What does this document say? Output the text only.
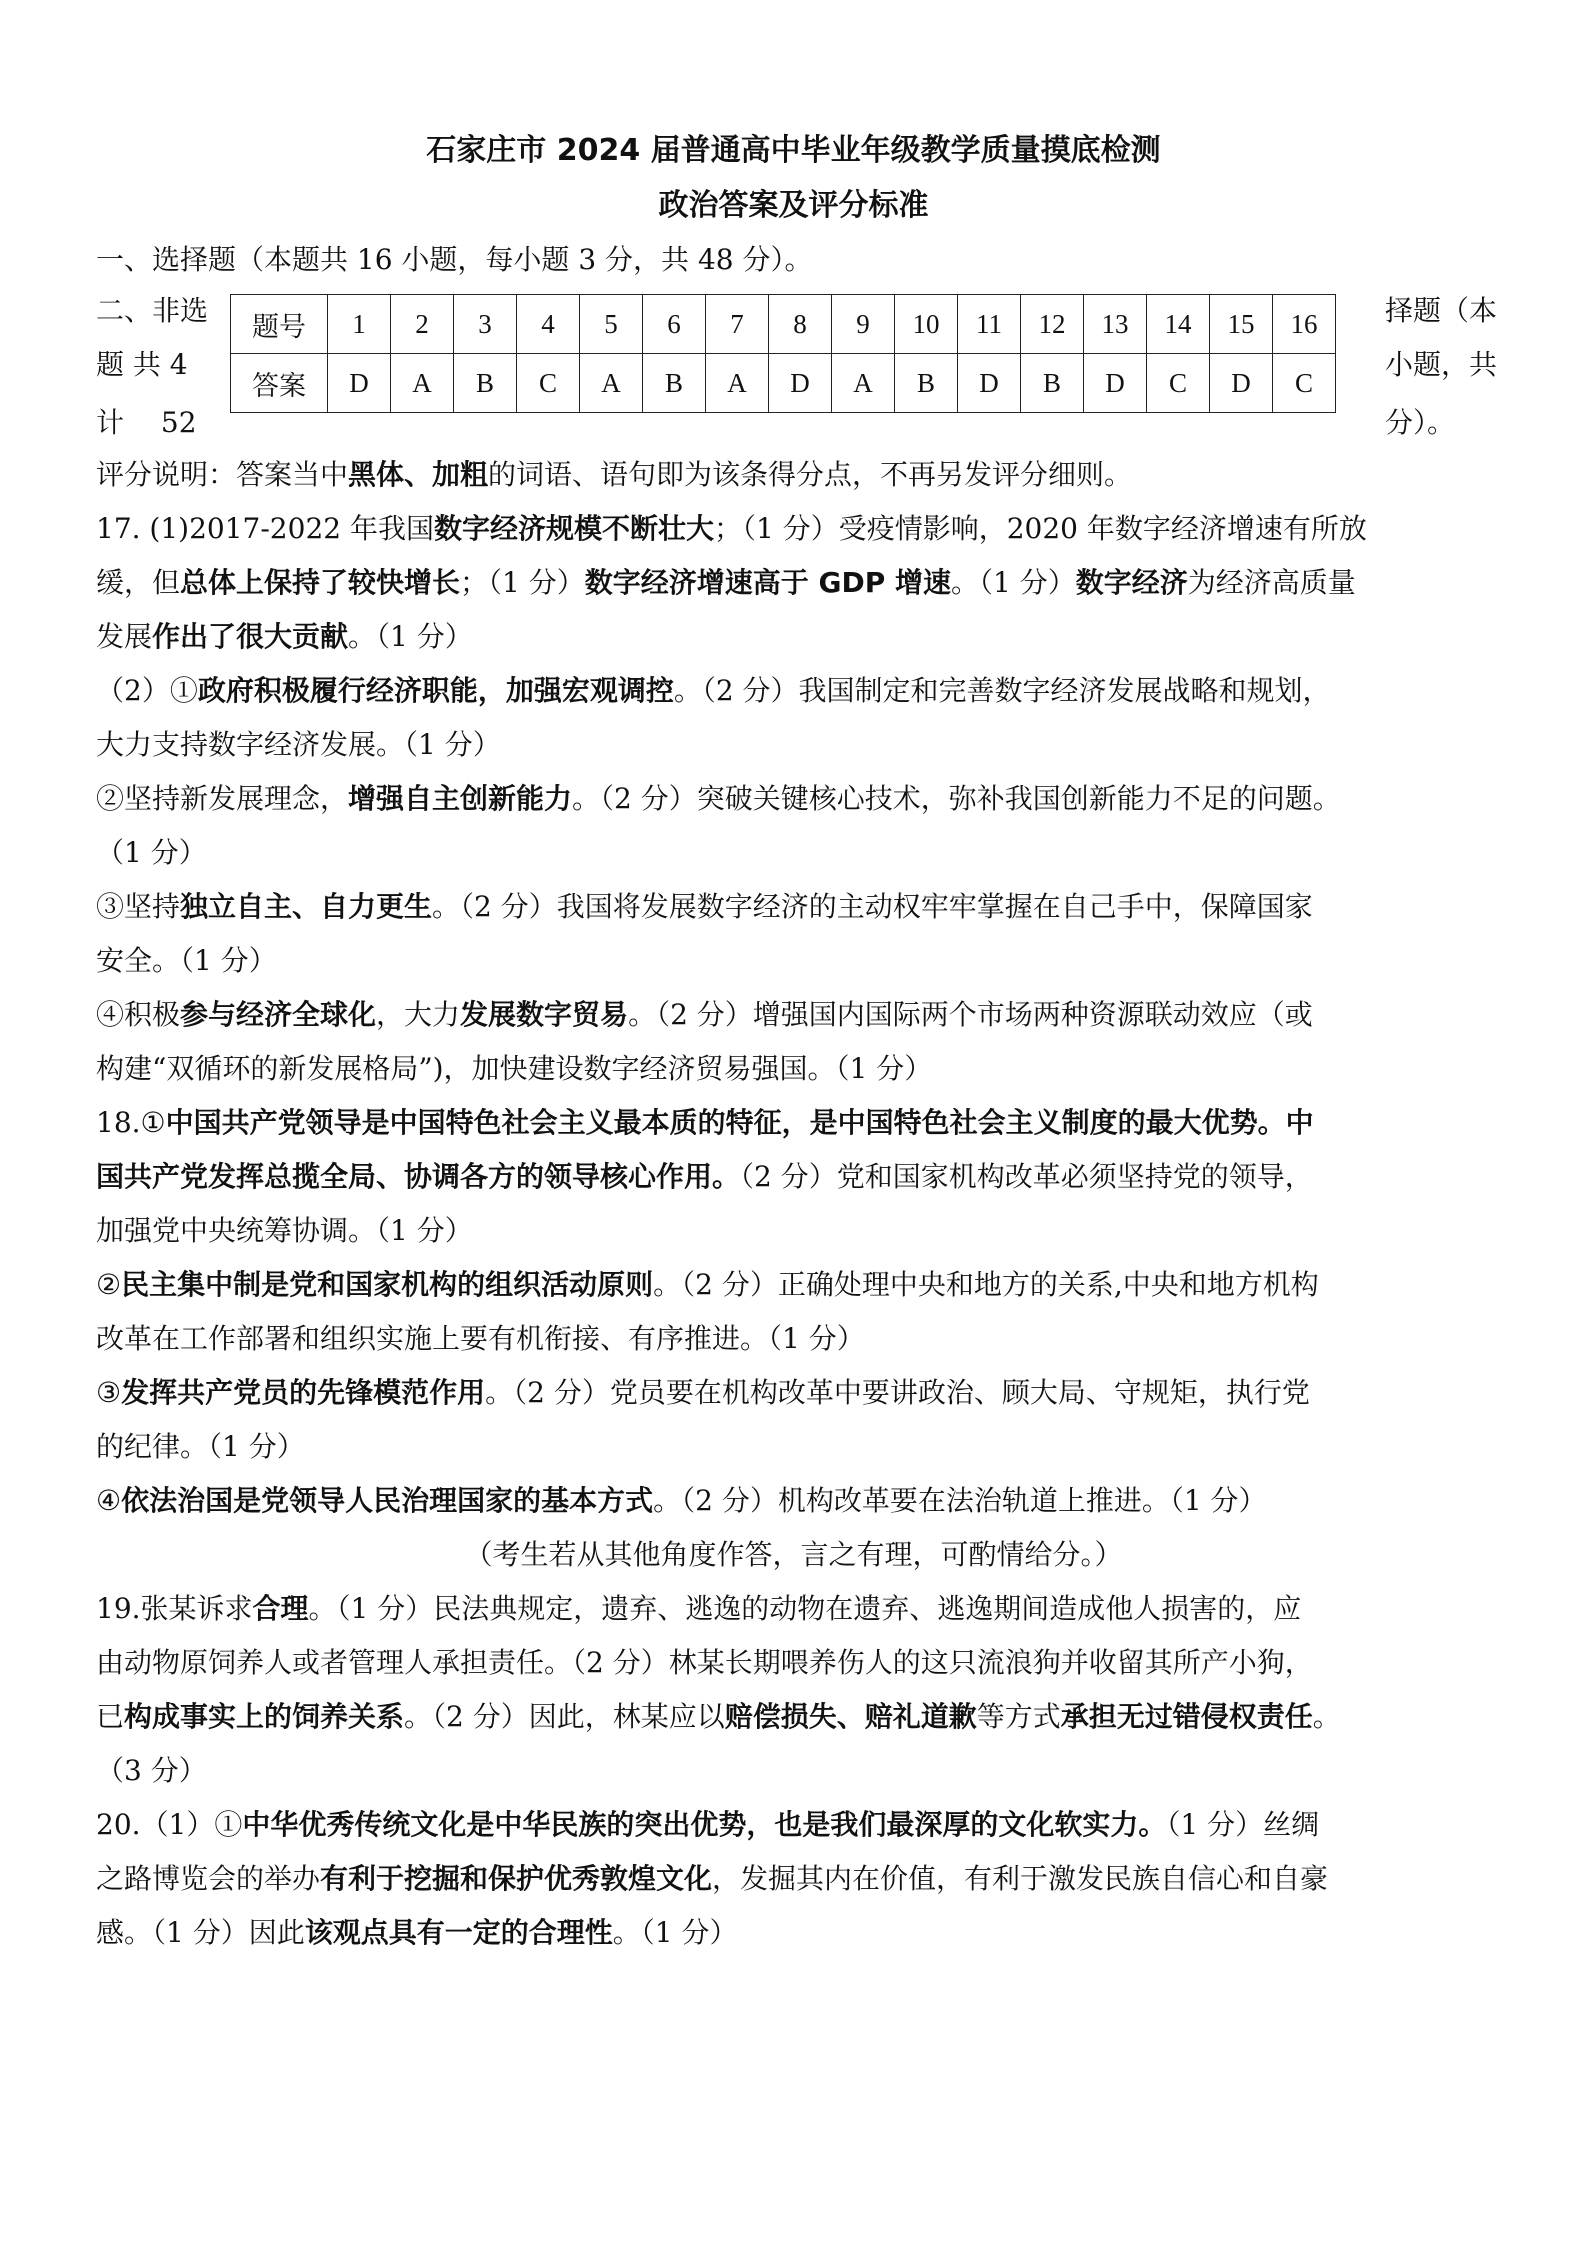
石家庄市 2024 届普通高中毕业年级教学质量摸底检测
政治答案及评分标准
一、选择题（本题共 16 小题，每小题 3 分，共 48 分）。
二、非选
题 共 4
计　 52
择题（本
小题，共
分）。
题号	1	2	3	4	5	6	7	8	9	10	11	12	13	14	15	16
答案	D	A	B	C	A	B	A	D	A	B	D	B	D	C	D	C
评分说明：答案当中黑体、加粗的词语、语句即为该条得分点，不再另发评分细则。
17. (1)2017-2022 年我国数字经济规模不断壮大；（1 分）受疫情影响，2020 年数字经济增速有所放
缓，但总体上保持了较快增长；（1 分）数字经济增速高于 GDP 增速。（1 分）数字经济为经济高质量
发展作出了很大贡献。（1 分）
（2）①政府积极履行经济职能，加强宏观调控。（2 分）我国制定和完善数字经济发展战略和规划，
大力支持数字经济发展。（1 分）
②坚持新发展理念，增强自主创新能力。（2 分）突破关键核心技术，弥补我国创新能力不足的问题。
（1 分）
③坚持独立自主、自力更生。（2 分）我国将发展数字经济的主动权牢牢掌握在自己手中，保障国家
安全。（1 分）
④积极参与经济全球化，大力发展数字贸易。（2 分）增强国内国际两个市场两种资源联动效应（或
构建“双循环的新发展格局”)，加快建设数字经济贸易强国。（1 分）
18.①中国共产党领导是中国特色社会主义最本质的特征，是中国特色社会主义制度的最大优势。中
国共产党发挥总揽全局、协调各方的领导核心作用。（2 分）党和国家机构改革必须坚持党的领导，
加强党中央统筹协调。（1 分）
②民主集中制是党和国家机构的组织活动原则。（2 分）正确处理中央和地方的关系,中央和地方机构
改革在工作部署和组织实施上要有机衔接、有序推进。（1 分）
③发挥共产党员的先锋模范作用。（2 分）党员要在机构改革中要讲政治、顾大局、守规矩，执行党
的纪律。（1 分）
④依法治国是党领导人民治理国家的基本方式。（2 分）机构改革要在法治轨道上推进。（1 分）
（考生若从其他角度作答，言之有理，可酌情给分。）
19.张某诉求合理。（1 分）民法典规定，遗弃、逃逸的动物在遗弃、逃逸期间造成他人损害的，应
由动物原饲养人或者管理人承担责任。（2 分）林某长期喂养伤人的这只流浪狗并收留其所产小狗，
已构成事实上的饲养关系。（2 分）因此，林某应以赔偿损失、赔礼道歉等方式承担无过错侵权责任。
（3 分）
20.（1）①中华优秀传统文化是中华民族的突出优势，也是我们最深厚的文化软实力。（1 分）丝绸
之路博览会的举办有利于挖掘和保护优秀敦煌文化，发掘其内在价值，有利于激发民族自信心和自豪
感。（1 分）因此该观点具有一定的合理性。（1 分）
